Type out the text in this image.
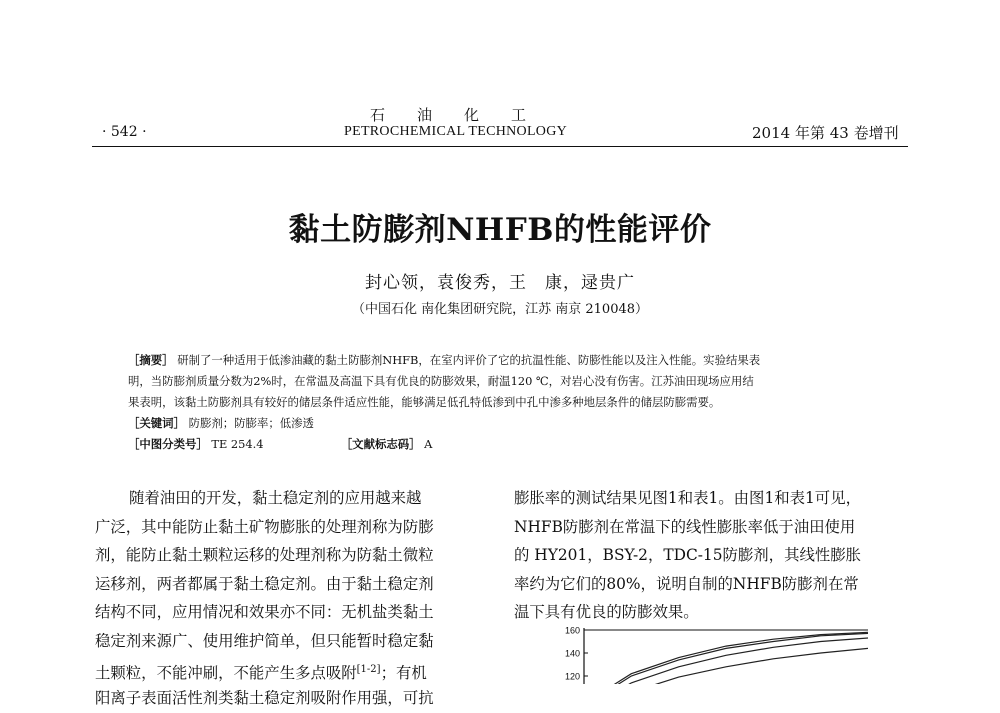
石油化工
· 542 ·	PETROCHEMICAL TECHNOLOGY	2014 年第 43 卷增刊
黏土防膨剂NHFB的性能评价
封心领，袁俊秀，王　康，逯贵广
（中国石化 南化集团研究院，江苏 南京 210048）
［摘要］ 研制了一种适用于低渗油藏的黏土防膨剂NHFB，在室内评价了它的抗温性能、防膨性能以及注入性能。实验结果表
明，当防膨剂质量分数为2%时，在常温及高温下具有优良的防膨效果，耐温120 ℃，对岩心没有伤害。江苏油田现场应用结
果表明，该黏土防膨剂具有较好的储层条件适应性能，能够满足低孔特低渗到中孔中渗多种地层条件的储层防膨需要。
［关键词］ 防膨剂；防膨率；低渗透
［中图分类号］ TE 254.4	［文献标志码］ A
随着油田的开发，黏土稳定剂的应用越来越
广泛，其中能防止黏土矿物膨胀的处理剂称为防膨
剂，能防止黏土颗粒运移的处理剂称为防黏土微粒
运移剂，两者都属于黏土稳定剂。由于黏土稳定剂
结构不同，应用情况和效果亦不同：无机盐类黏土
稳定剂来源广、使用维护简单，但只能暂时稳定黏
土颗粒，不能冲刷，不能产生多点吸附[1-2]；有机
阳离子表面活性剂类黏土稳定剂吸附作用强，可抗
膨胀率的测试结果见图1和表1。由图1和表1可见，
NHFB防膨剂在常温下的线性膨胀率低于油田使用
的 HY201，BSY-2，TDC-15防膨剂，其线性膨胀
率约为它们的80%，说明自制的NHFB防膨剂在常
温下具有优良的防膨效果。
160
140
120
